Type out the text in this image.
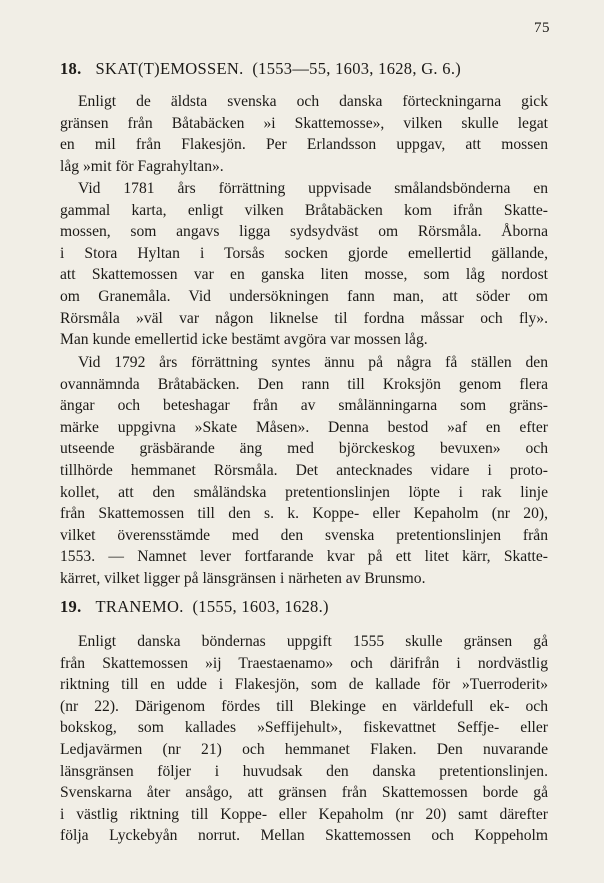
75
18. SKAT(T)EMOSSEN. (1553—55, 1603, 1628, G. 6.)
Enligt de äldsta svenska och danska förteckningarna gick
gränsen från Båtabäcken »i Skattemosse», vilken skulle legat
en mil från Flakesjön. Per Erlandsson uppgav, att mossen
låg »mit för Fagrahyltan».
Vid 1781 års förrättning uppvisade smålandsbönderna en
gammal karta, enligt vilken Bråtabäcken kom ifrån Skatte-
mossen, som angavs ligga sydsydväst om Rörsmåla. Åborna
i Stora Hyltan i Torsås socken gjorde emellertid gällande,
att Skattemossen var en ganska liten mosse, som låg nordost
om Granemåla. Vid undersökningen fann man, att söder om
Rörsmåla »väl var någon liknelse til fordna måssar och fly».
Man kunde emellertid icke bestämt avgöra var mossen låg.
Vid 1792 års förrättning syntes ännu på några få ställen den
ovannämnda Bråtabäcken. Den rann till Kroksjön genom flera
ängar och beteshagar från av smålänningarna som gräns-
märke uppgivna »Skate Måsen». Denna bestod »af en efter
utseende gräsbärande äng med björckeskog bevuxen» och
tillhörde hemmanet Rörsmåla. Det antecknades vidare i proto-
kollet, att den småländska pretentionslinjen löpte i rak linje
från Skattemossen till den s. k. Koppe- eller Kepaholm (nr 20),
vilket överensstämde med den svenska pretentionslinjen från
1553. — Namnet lever fortfarande kvar på ett litet kärr, Skatte-
kärret, vilket ligger på länsgränsen i närheten av Brunsmo.
19. TRANEMO. (1555, 1603, 1628.)
Enligt danska böndernas uppgift 1555 skulle gränsen gå
från Skattemossen »ij Traestaenamo» och därifrån i nordvästlig
riktning till en udde i Flakesjön, som de kallade för »Tuerroderit»
(nr 22). Därigenom fördes till Blekinge en världefull ek- och
bokskog, som kallades »Seffijehult», fiskevattnet Seffje- eller
Ledjavärmen (nr 21) och hemmanet Flaken. Den nuvarande
länsgränsen följer i huvudsak den danska pretentionslinjen.
Svenskarna åter ansågo, att gränsen från Skattemossen borde gå
i västlig riktning till Koppe- eller Kepaholm (nr 20) samt därefter
följa Lyckebyån norrut. Mellan Skattemossen och Koppeholm
